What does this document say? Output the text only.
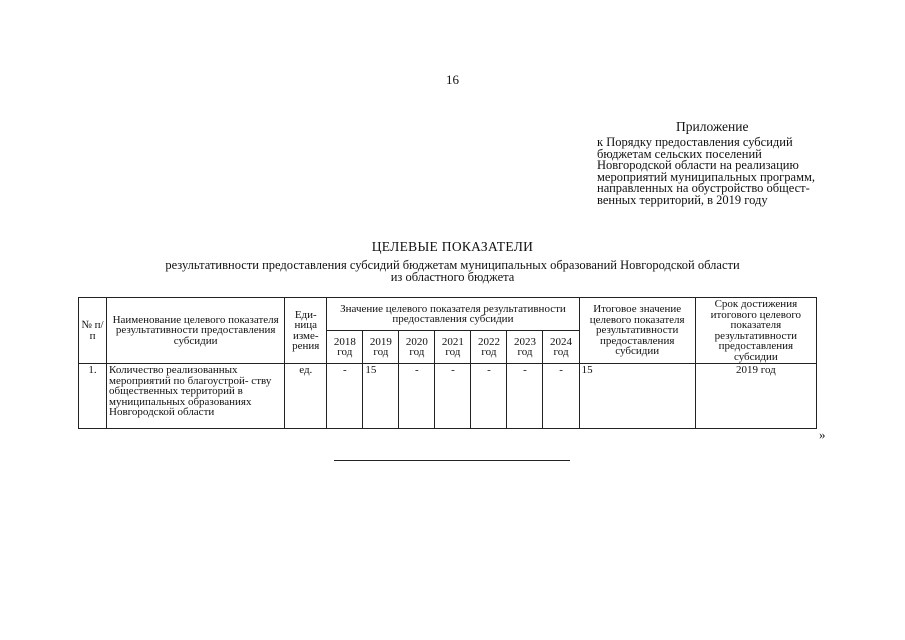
16
Приложение
к Порядку предоставления субсидий
бюджетам сельских поселений
Новгородской области на реализацию
мероприятий муниципальных программ,
направленных на обустройство общест-
венных территорий, в 2019 году
ЦЕЛЕВЫЕ ПОКАЗАТЕЛИ
результативности предоставления субсидий бюджетам муниципальных образований Новгородской области
из областного бюджета
№ п/п	Наименование целевого показателя результативности предоставления субсидии	Еди- ница изме- рения	Значение целевого показателя результативности предоставления субсидии							Итоговое значение целевого показателя результативности предоставления субсидии	Срок достижения итогового целевого показателя результативности предоставления субсидии
			2018 год	2019 год	2020 год	2021 год	2022 год	2023 год	2024 год		
1.	Количество реализованных мероприятий по благоустрой- ству общественных территорий в муниципальных образованиях Новгородской области	ед.	-	15	-	-	-	-	-	15	2019 год
»
